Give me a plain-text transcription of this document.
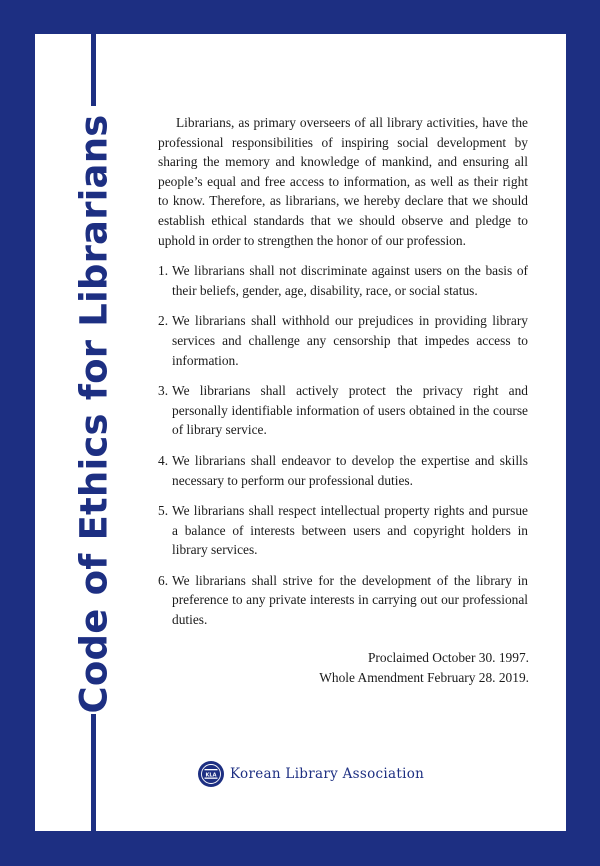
Code of Ethics for Librarians	Librarians, as primary overseers of all library activities, have the professional responsibilities of inspiring social development by sharing the memory and knowledge of mankind, and ensuring all people’s equal and free access to information, as well as their right to know. Therefore, as librarians, we hereby declare that we should establish ethical standards that we should observe and pledge to uphold in order to strengthen the honor of our profession.

1. We librarians shall not discriminate against users on the basis of their beliefs, gender, age, disability, race, or social status.
2. We librarians shall withhold our prejudices in providing library services and challenge any censorship that impedes access to information.
3. We librarians shall actively protect the privacy right and personally identifiable information of users obtained in the course of library service.
4. We librarians shall endeavor to develop the expertise and skills necessary to perform our professional duties.
5. We librarians shall respect intellectual property rights and pursue a balance of interests between users and copyright holders in library services.
6. We librarians shall strive for the development of the library in preference to any private interests in carrying out our professional duties.
Proclaimed October 30. 1997.
Whole Amendment February 28. 2019.
KLA Korean Library Association
